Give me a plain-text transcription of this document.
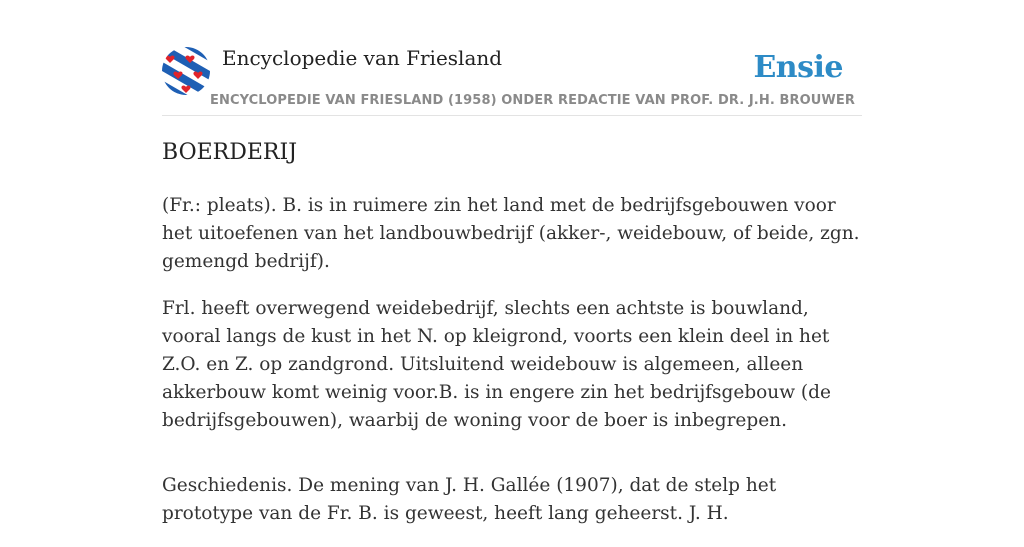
Encyclopedie van Friesland	Ensie
ENCYCLOPEDIE VAN FRIESLAND (1958) ONDER REDACTIE VAN PROF. DR. J.H. BROUWER
BOERDERIJ

(Fr.: pleats). B. is in ruimere zin het land met de bedrijfsgebouwen voor het uitoefenen van het landbouwbedrijf (akker-, weidebouw, of beide, zgn. gemengd bedrijf).

Frl. heeft overwegend weidebedrijf, slechts een achtste is bouwland, vooral langs de kust in het N. op kleigrond, voorts een klein deel in het Z.O. en Z. op zandgrond. Uitsluitend weidebouw is algemeen, alleen akkerbouw komt weinig voor.B. is in engere zin het bedrijfsgebouw (de bedrijfsgebouwen), waarbij de woning voor de boer is inbegrepen.

Geschiedenis. De mening van J. H. Gallée (1907), dat de stelp het prototype van de Fr. B. is geweest, heeft lang geheerst. J. H.
